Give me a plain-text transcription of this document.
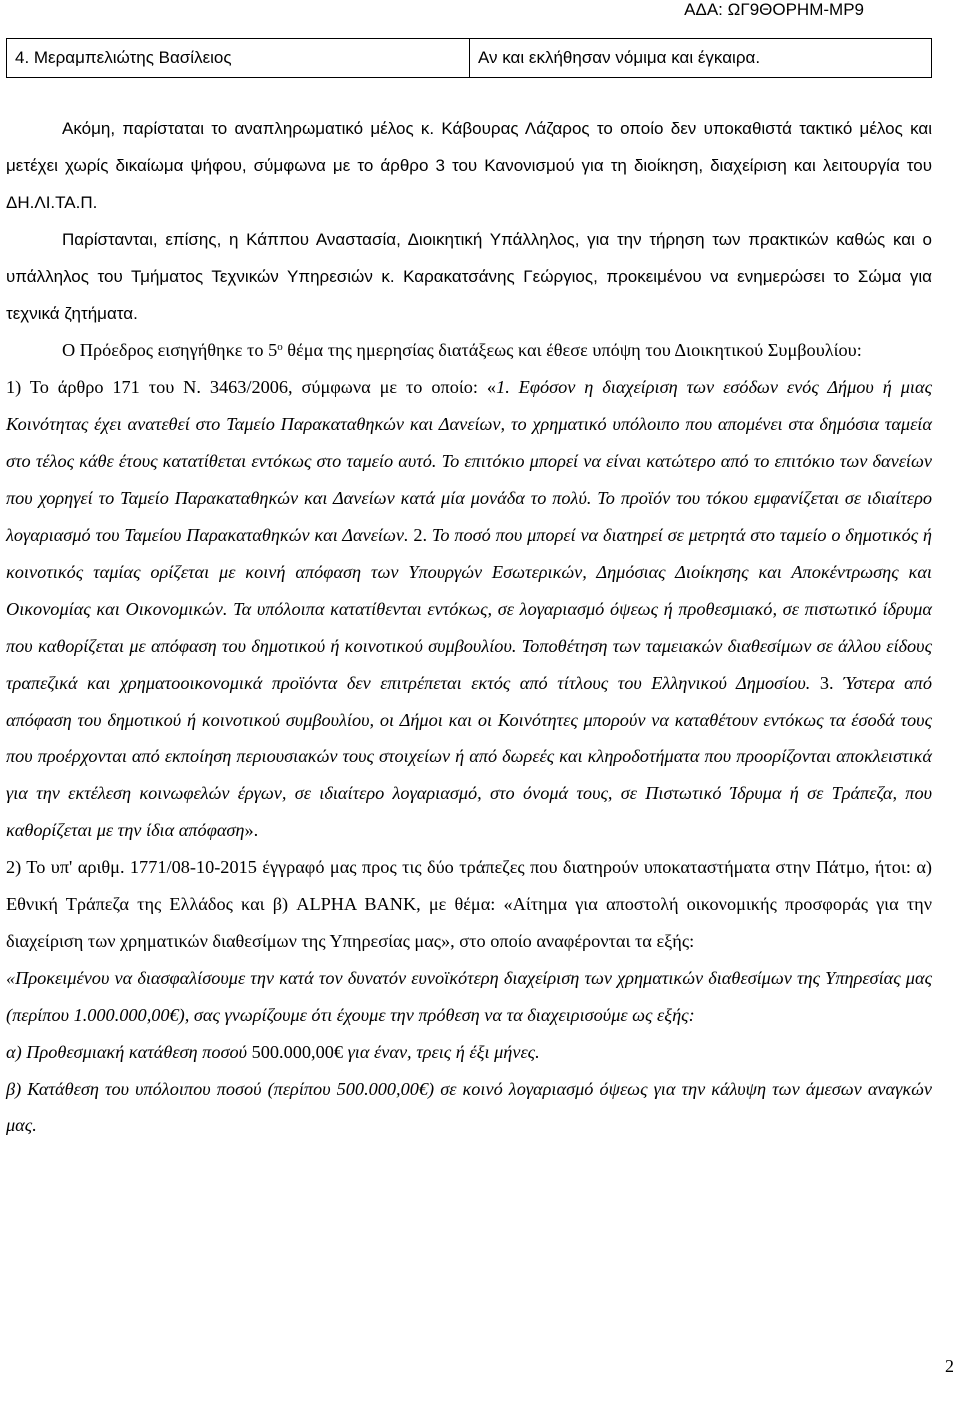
ΑΔΑ: ΩΓ9ΘΟΡΗΜ-ΜΡ9
4. Μεραμπελιώτης Βασίλειος	Αν και εκλήθησαν νόμιμα και έγκαιρα.

Ακόμη, παρίσταται το αναπληρωματικό μέλος κ. Κάβουρας Λάζαρος το οποίο δεν υποκαθιστά τακτικό μέλος και μετέχει χωρίς δικαίωμα ψήφου, σύμφωνα με το άρθρο 3 του Κανονισμού για τη διοίκηση, διαχείριση και λειτουργία του ΔΗ.ΛΙ.ΤΑ.Π.

Παρίστανται, επίσης, η Κάππου Αναστασία, Διοικητική Υπάλληλος, για την τήρηση των πρακτικών καθώς και ο υπάλληλος του Τμήματος Τεχνικών Υπηρεσιών κ. Καρακατσάνης Γεώργιος, προκειμένου να ενημερώσει το Σώμα για τεχνικά ζητήματα.

Ο Πρόεδρος εισηγήθηκε το $5^o$ θέμα της ημερησίας διατάξεως και έθεσε υπόψη του Διοικητικού Συμβουλίου:

1) Το άρθρο 171 του Ν. 3463/2006, σύμφωνα με το οποίο: «1. Εφόσον η διαχείριση των εσόδων ενός Δήμου ή μιας Κοινότητας έχει ανατεθεί στο Ταμείο Παρακαταθηκών και Δανείων, το χρηματικό υπόλοιπο που απομένει στα δημόσια ταμεία στο τέλος κάθε έτους κατατίθεται εντόκως στο ταμείο αυτό. Το επιτόκιο μπορεί να είναι κατώτερο από το επιτόκιο των δανείων που χορηγεί το Ταμείο Παρακαταθηκών και Δανείων κατά μία μονάδα το πολύ. Το προϊόν του τόκου εμφανίζεται σε ιδιαίτερο λογαριασμό του Ταμείου Παρακαταθηκών και Δανείων. 2. Το ποσό που μπορεί να διατηρεί σε μετρητά στο ταμείο ο δημοτικός ή κοινοτικός ταμίας ορίζεται με κοινή απόφαση των Υπουργών Εσωτερικών, Δημόσιας Διοίκησης και Αποκέντρωσης και Οικονομίας και Οικονομικών. Τα υπόλοιπα κατατίθενται εντόκως, σε λογαριασμό όψεως ή προθεσμιακό, σε πιστωτικό ίδρυμα που καθορίζεται με απόφαση του δημοτικού ή κοινοτικού συμβουλίου. Τοποθέτηση των ταμειακών διαθεσίμων σε άλλου είδους τραπεζικά και χρηματοοικονομικά προϊόντα δεν επιτρέπεται εκτός από τίτλους του Ελληνικού Δημοσίου. 3. Ύστερα από απόφαση του δημοτικού ή κοινοτικού συμβουλίου, οι Δήμοι και οι Κοινότητες μπορούν να καταθέτουν εντόκως τα έσοδά τους που προέρχονται από εκποίηση περιουσιακών τους στοιχείων ή από δωρεές και κληροδοτήματα που προορίζονται αποκλειστικά για την εκτέλεση κοινωφελών έργων, σε ιδιαίτερο λογαριασμό, στο όνομά τους, σε Πιστωτικό Ίδρυμα ή σε Τράπεζα, που καθορίζεται με την ίδια απόφαση».

2) Το υπ' αριθμ. 1771/08-10-2015 έγγραφό μας προς τις δύο τράπεζες που διατηρούν υποκαταστήματα στην Πάτμο, ήτοι: α) Εθνική Τράπεζα της Ελλάδος και β) ALPHA BANK, με θέμα: «Αίτημα για αποστολή οικονομικής προσφοράς για την διαχείριση των χρηματικών διαθεσίμων της Υπηρεσίας μας», στο οποίο αναφέρονται τα εξής:

«Προκειμένου να διασφαλίσουμε την κατά τον δυνατόν ευνοϊκότερη διαχείριση των χρηματικών διαθεσίμων της Υπηρεσίας μας (περίπου 1.000.000,00€), σας γνωρίζουμε ότι έχουμε την πρόθεση να τα διαχειρισούμε ως εξής:

α) Προθεσμιακή κατάθεση ποσού 500.000,00€ για έναν, τρεις ή έξι μήνες.

β) Κατάθεση του υπόλοιπου ποσού (περίπου 500.000,00€) σε κοινό λογαριασμό όψεως για την κάλυψη των άμεσων αναγκών μας.

2
